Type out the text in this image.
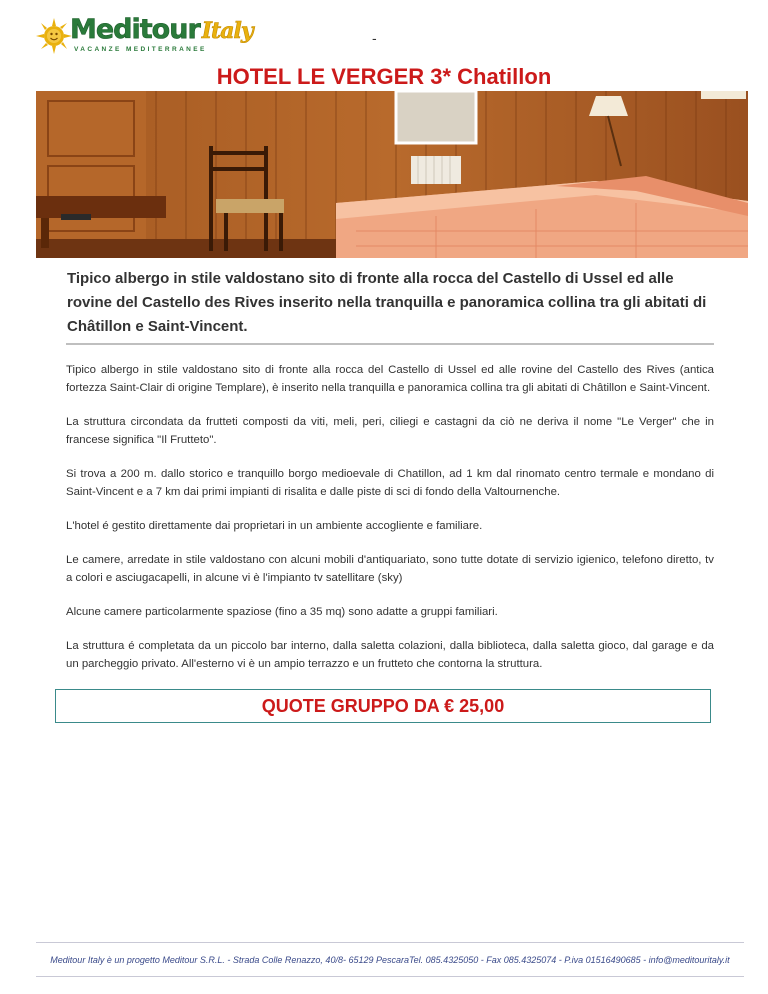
MeditourItaly
VACANZE MEDITERRANEE
-
HOTEL LE VERGER 3* Chatillon
Tipico albergo in stile valdostano sito di fronte alla rocca del Castello di Ussel ed alle rovine del Castello des Rives inserito nella tranquilla e panoramica collina tra gli abitati di Châtillon e Saint-Vincent.

Tipico albergo in stile valdostano sito di fronte alla rocca del Castello di Ussel ed alle rovine del Castello des Rives (antica fortezza Saint-Clair di origine Templare), è inserito nella tranquilla e panoramica collina tra gli abitati di Châtillon e Saint-Vincent.

La struttura circondata da frutteti composti da viti, meli, peri, ciliegi e castagni da ciò ne deriva il nome "Le Verger" che in francese significa "Il Frutteto".

Si trova a 200 m. dallo storico e tranquillo borgo medioevale di Chatillon, ad 1 km dal rinomato centro termale e mondano di Saint-Vincent e a 7 km dai primi impianti di risalita e dalle piste di sci di fondo della Valtournenche.

L'hotel é gestito direttamente dai proprietari in un ambiente accogliente e familiare.

Le camere, arredate in stile valdostano con alcuni mobili d'antiquariato, sono tutte dotate di servizio igienico, telefono diretto, tv a colori e asciugacapelli, in alcune vi è l'impianto tv satellitare (sky)

Alcune camere particolarmente spaziose (fino a 35 mq) sono adatte a gruppi familiari.

La struttura é completata da un piccolo bar interno, dalla saletta colazioni, dalla biblioteca, dalla saletta gioco, dal garage e da un parcheggio privato. All'esterno vi è un ampio terrazzo e un frutteto che contorna la struttura.

QUOTE GRUPPO DA € 25,00
Meditour Italy è un progetto Meditour S.R.L. - Strada Colle Renazzo, 40/8- 65129 PescaraTel. 085.4325050 - Fax 085.4325074 - P.iva 01516490685 - info@meditouritaly.it
